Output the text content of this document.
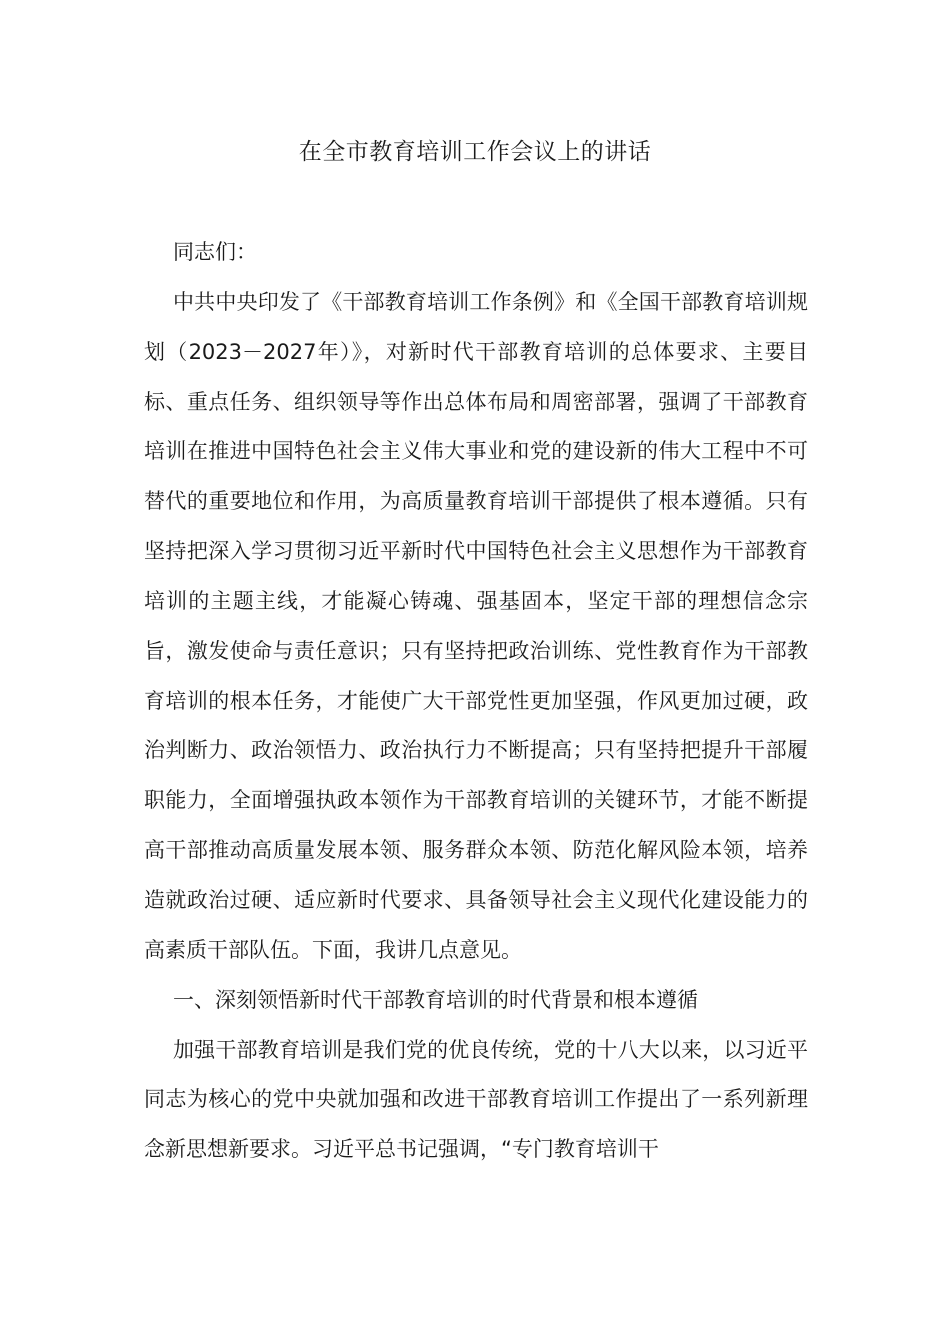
在全市教育培训工作会议上的讲话

同志们：

中共中央印发了《干部教育培训工作条例》和《全国干部教育培训规划（2023－2027年）》，对新时代干部教育培训的总体要求、主要目标、重点任务、组织领导等作出总体布局和周密部署，强调了干部教育培训在推进中国特色社会主义伟大事业和党的建设新的伟大工程中不可替代的重要地位和作用，为高质量教育培训干部提供了根本遵循。只有坚持把深入学习贯彻习近平新时代中国特色社会主义思想作为干部教育培训的主题主线，才能凝心铸魂、强基固本，坚定干部的理想信念宗旨，激发使命与责任意识；只有坚持把政治训练、党性教育作为干部教育培训的根本任务，才能使广大干部党性更加坚强，作风更加过硬，政治判断力、政治领悟力、政治执行力不断提高；只有坚持把提升干部履职能力，全面增强执政本领作为干部教育培训的关键环节，才能不断提高干部推动高质量发展本领、服务群众本领、防范化解风险本领，培养造就政治过硬、适应新时代要求、具备领导社会主义现代化建设能力的高素质干部队伍。下面，我讲几点意见。

一、深刻领悟新时代干部教育培训的时代背景和根本遵循

加强干部教育培训是我们党的优良传统，党的十八大以来，以习近平同志为核心的党中央就加强和改进干部教育培训工作提出了一系列新理念新思想新要求。习近平总书记强调，“专门教育培训干
